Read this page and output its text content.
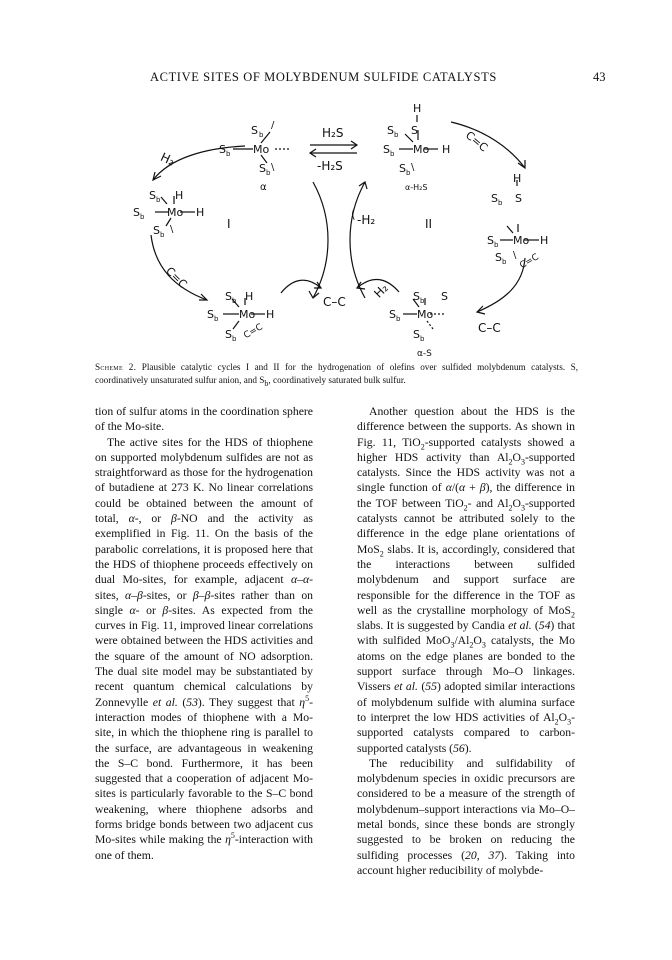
ACTIVE SITES OF MOLYBDENUM SULFIDE CATALYSTS	43
S b
/
S b Mo
S b \
α
H₂S
-H₂S
H
S b S
S b Mo H
S b \
α-H₂S
H₂
C=C
S b H
S b Mo H
S b \	I	II
-H₂
(
H
S b S
S b Mo H
S b
\ C=C
C=C
S b H
S b Mo H
S b C=C
C–C
H₂ S b S
S b Mo
S b
α-S
C–C
Scheme 2. Plausible catalytic cycles I and II for the hydrogenation of olefins over sulfided molybdenum catalysts. S, coordinatively unsaturated sulfur anion, and $S_b$, coordinatively saturated bulk sulfur.

tion of sulfur atoms in the coordination sphere of the Mo-site.

The active sites for the HDS of thiophene on supported molybdenum sulfides are not as straightforward as those for the hydrogenation of butadiene at 273 K. No linear correlations could be obtained between the amount of total, α-, or β-NO and the activity as exemplified in Fig. 11. On the basis of the parabolic correlations, it is proposed here that the HDS of thiophene proceeds effectively on dual Mo-sites, for example, adjacent α–α-sites, α–β-sites, or β–β-sites rather than on single α- or β-sites. As expected from the curves in Fig. 11, improved linear correlations were obtained between the HDS activities and the square of the amount of NO adsorption. The dual site model may be substantiated by recent quantum chemical calculations by Zonnevylle et al. (53). They suggest that $\eta^5$-interaction modes of thiophene with a Mo-site, in which the thiophene ring is parallel to the surface, are advantageous in weakening the S–C bond. Furthermore, it has been suggested that a cooperation of adjacent Mo-sites is particularly favorable to the S–C bond weakening, where thiophene adsorbs and forms bridge bonds between two adjacent cus Mo-sites while making the $\eta^5$-interaction with one of them.

Another question about the HDS is the difference between the supports. As shown in Fig. 11, TiO$_2$-supported catalysts showed a higher HDS activity than $Al_2O_3$-supported catalysts. Since the HDS activity was not a single function of α/(α + β), the difference in the TOF between TiO$_2$- and $Al_2O_3$-supported catalysts cannot be attributed solely to the difference in the edge plane orientations of MoS$_2$ slabs. It is, accordingly, considered that the interactions between sulfided molybdenum and support surface are responsible for the difference in the TOF as well as the crystalline morphology of MoS$_2$ slabs. It is suggested by Candia et al. (54) that with sulfided $MoO_3/Al_2O_3$ catalysts, the Mo atoms on the edge planes are bonded to the support surface through Mo–O linkages. Vissers et al. (55) adopted similar interactions of molybdenum sulfide with alumina surface to interpret the low HDS activities of $Al_2O_3$-supported catalysts compared to carbon-supported catalysts (56).

The reducibility and sulfidability of molybdenum species in oxidic precursors are considered to be a measure of the strength of molybdenum–support interactions via Mo–O–metal bonds, since these bonds are strongly suggested to be broken on reducing the sulfiding processes (20, 37). Taking into account higher reducibility of molybde-
